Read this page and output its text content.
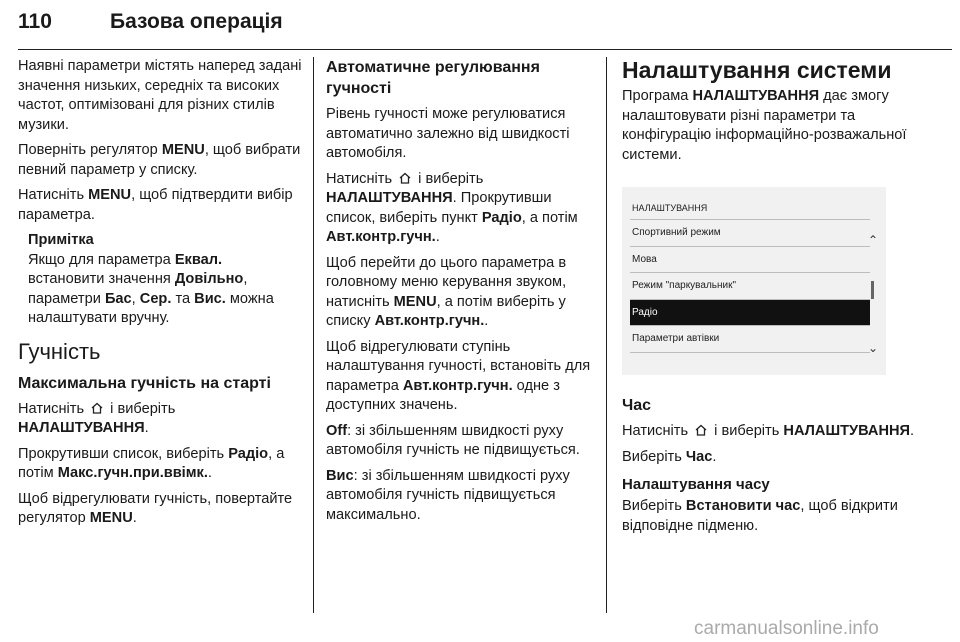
110	Базова операція

Наявні параметри містять наперед задані значення низьких, середніх та високих частот, оптимізовані для різних стилів музики.

Поверніть регулятор MENU, щоб вибрати певний параметр у списку.

Натисніть MENU, щоб підтвердити вибір параметра.

Примітка
Якщо для параметра Еквал. встановити значення Довільно, параметри Бас, Сер. та Вис. можна налаштувати вручну.
Гучність
Максимальна гучність на старті

Натисніть  і виберіть НАЛАШТУВАННЯ.

Прокрутивши список, виберіть Радіо, а потім Макс.гучн.при.ввімк..

Щоб відрегулювати гучність, повертайте регулятор MENU.

Автоматичне регулювання гучності

Рівень гучності може регулюватися автоматично залежно від швидкості автомобіля.

Натисніть  і виберіть НАЛАШТУВАННЯ. Прокрутивши список, виберіть пункт Радіо, а потім Авт.контр.гучн..

Щоб перейти до цього параметра в головному меню керування звуком, натисніть MENU, а потім виберіть у списку Авт.контр.гучн..

Щоб відрегулювати ступінь налаштування гучності, встановіть для параметра Авт.контр.гучн. одне з доступних значень.

Off: зі збільшенням швидкості руху автомобіля гучність не підвищується.

Вис: зі збільшенням швидкості руху автомобіля гучність підвищується максимально.

Налаштування системи

Програма НАЛАШТУВАННЯ дає змогу налаштовувати різні параметри та конфігурацію інформаційно-розважальної системи.

НАЛАШТУВАННЯ
Спортивний режим
Мова
Режим "паркувальник"
Радіо
Параметри автівки
⌃
⌄
Час

Натисніть  і виберіть НАЛАШТУВАННЯ.

Виберіть Час.

Налаштування часу

Виберіть Встановити час, щоб відкрити відповідне підменю.

carmanualsonline.info
